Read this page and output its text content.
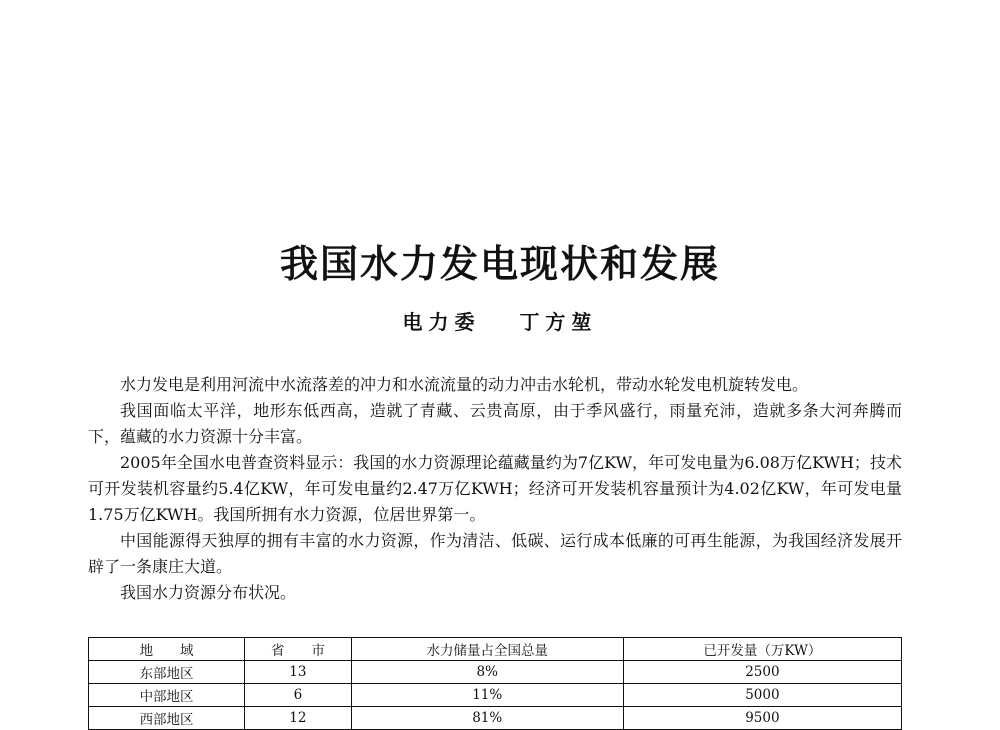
我国水力发电现状和发展
电力委 丁方堃

水力发电是利用河流中水流落差的冲力和水流流量的动力冲击水轮机，带动水轮发电机旋转发电。

我国面临太平洋，地形东低西高，造就了青藏、云贵高原，由于季风盛行，雨量充沛，造就多条大河奔腾而下，蕴藏的水力资源十分丰富。

2005年全国水电普查资料显示：我国的水力资源理论蕴藏量约为7亿KW，年可发电量为6.08万亿KWH；技术可开发装机容量约5.4亿KW，年可发电量约2.47万亿KWH；经济可开发装机容量预计为4.02亿KW，年可发电量1.75万亿KWH。我国所拥有水力资源，位居世界第一。

中国能源得天独厚的拥有丰富的水力资源，作为清洁、低碳、运行成本低廉的可再生能源，为我国经济发展开辟了一条康庄大道。

我国水力资源分布状况。

地　　域	省　　市	水力储量占全国总量	已开发量（万KW）
东部地区	13	8%	2500
中部地区	6	11%	5000
西部地区	12	81%	9500
